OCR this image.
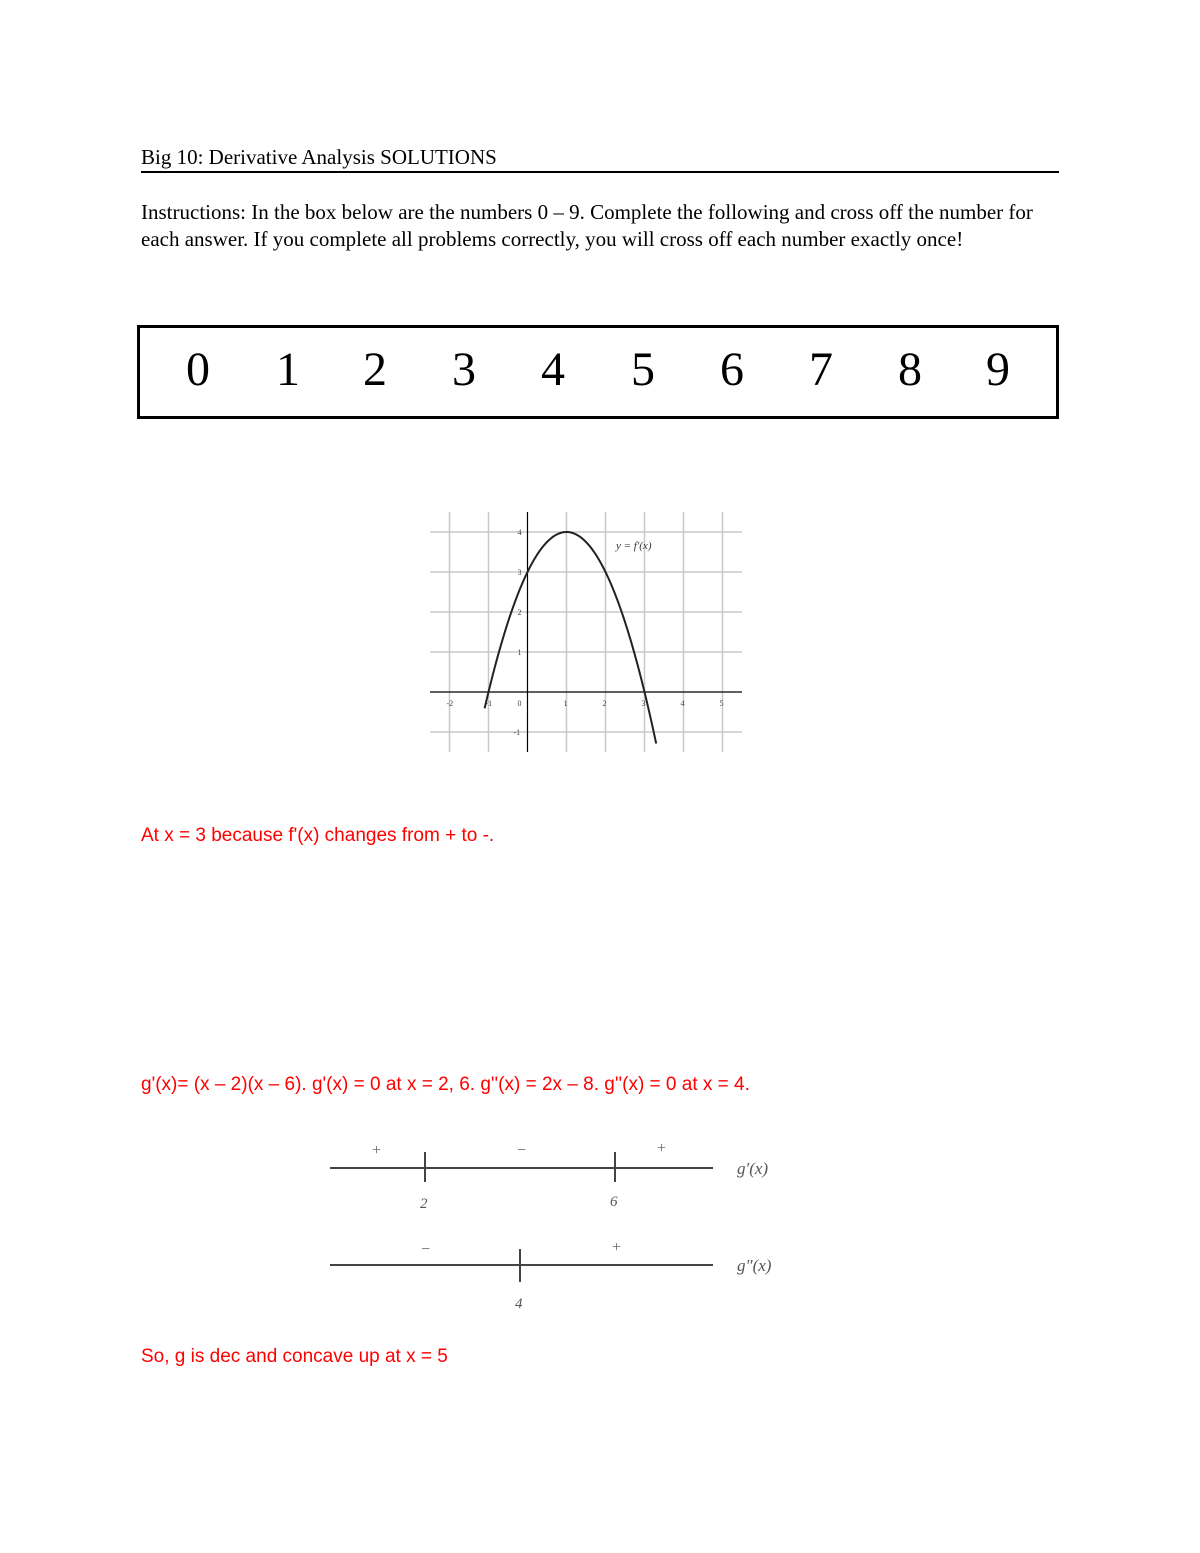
Big 10: Derivative Analysis SOLUTIONS
Instructions: In the box below are the numbers 0 – 9. Complete the following and cross off the number for each answer. If you complete all problems correctly, you will cross off each number exactly once!
0	1	2	3	4	5	6	7	8	9
-2	-1	0	1	2	3	4	5
4
3
2
1
-1
y = f′(x)
At x = 3 because f'(x) changes from + to -.
g'(x)= (x – 2)(x – 6). g'(x) = 0 at x = 2, 6. g''(x) = 2x – 8. g''(x) = 0 at x = 4.
+	−	+
2	6
g′(x)
−	+
4
g″(x)
So, g is dec and concave up at x = 5
